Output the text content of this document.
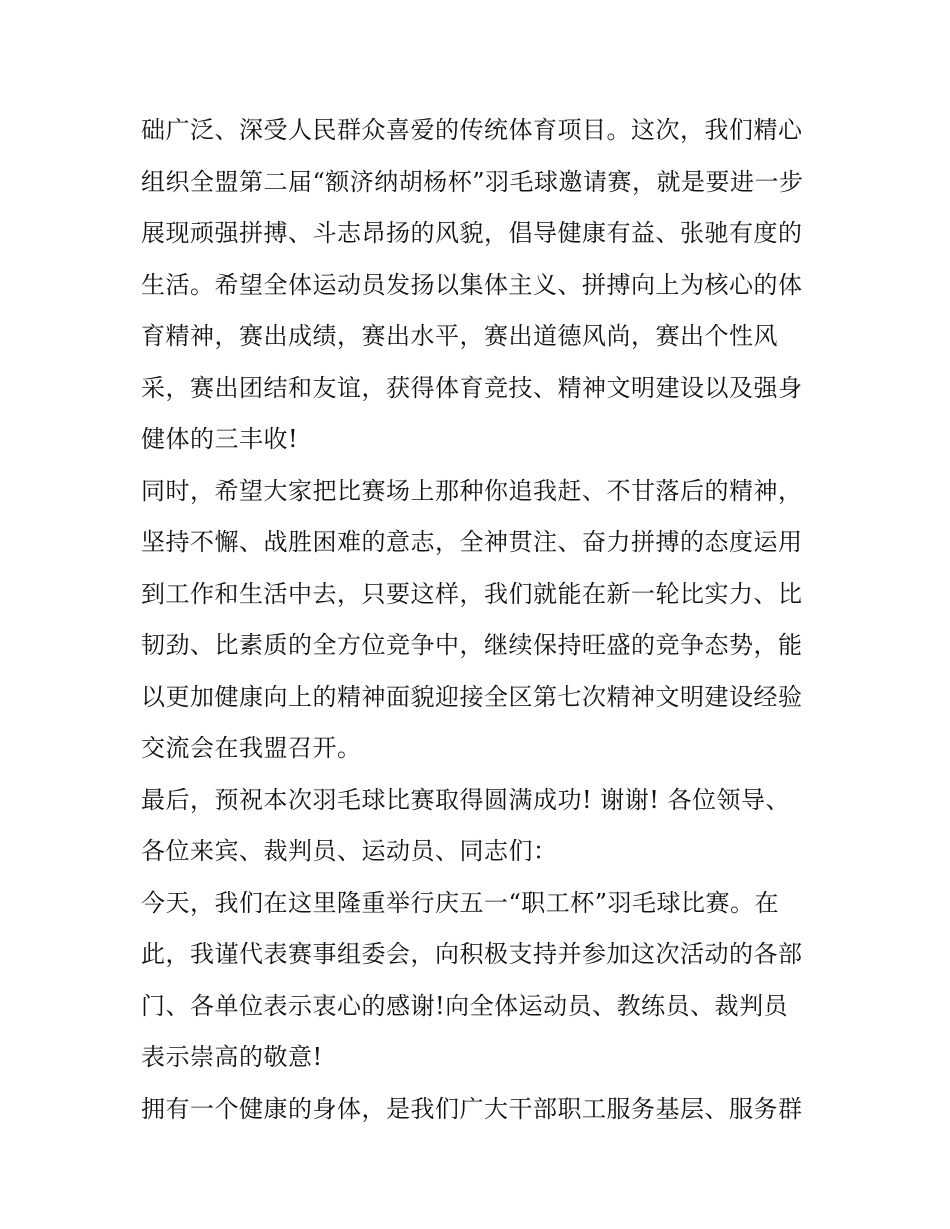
础广泛、深受人民群众喜爱的传统体育项目。这次，我们精心
组织全盟第二届“额济纳胡杨杯”羽毛球邀请赛，就是要进一步
展现顽强拼搏、斗志昂扬的风貌，倡导健康有益、张驰有度的
生活。希望全体运动员发扬以集体主义、拼搏向上为核心的体
育精神，赛出成绩，赛出水平，赛出道德风尚，赛出个性风
采，赛出团结和友谊，获得体育竞技、精神文明建设以及强身
健体的三丰收!
同时，希望大家把比赛场上那种你追我赶、不甘落后的精神，
坚持不懈、战胜困难的意志，全神贯注、奋力拼搏的态度运用
到工作和生活中去，只要这样，我们就能在新一轮比实力、比
韧劲、比素质的全方位竞争中，继续保持旺盛的竞争态势，能
以更加健康向上的精神面貌迎接全区第七次精神文明建设经验
交流会在我盟召开。
最后，预祝本次羽毛球比赛取得圆满成功! 谢谢! 各位领导、
各位来宾、裁判员、运动员、同志们：
今天，我们在这里隆重举行庆五一“职工杯”羽毛球比赛。在
此，我谨代表赛事组委会，向积极支持并参加这次活动的各部
门、各单位表示衷心的感谢!向全体运动员、教练员、裁判员
表示崇高的敬意!
拥有一个健康的身体，是我们广大干部职工服务基层、服务群
